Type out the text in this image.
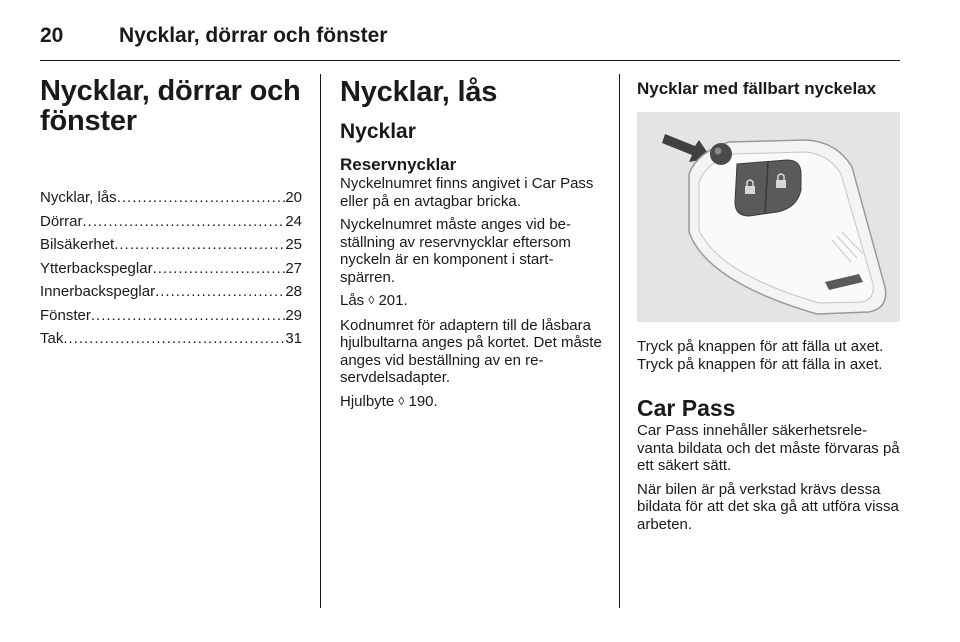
20	Nycklar, dörrar och fönster
Nycklar, dörrar och
fönster
Nycklar, lås .....	20
Dörrar .....	24
Bilsäkerhet .....	25
Ytterbackspeglar .....	27
Innerbackspeglar .....	28
Fönster .....	29
Tak .....	31
Nycklar, lås
Nycklar
Reservnycklar

Nyckelnumret finns angivet i Car Pass eller på en avtagbar bricka.

Nyckelnumret måste anges vid be-ställning av reservnycklar eftersom nyckeln är en komponent i start-spärren.

Lås ◊ 201.

Kodnumret för adaptern till de låsbara hjulbultarna anges på kortet. Det måste anges vid beställning av en re-servdelsadapter.

Hjulbyte ◊ 190.

Nycklar med fällbart nyckelax

Tryck på knappen för att fälla ut axet. Tryck på knappen för att fälla in axet.

Car Pass

Car Pass innehåller säkerhetsrele-vanta bildata och det måste förvaras på ett säkert sätt.

När bilen är på verkstad krävs dessa bildata för att det ska gå att utföra vissa arbeten.
